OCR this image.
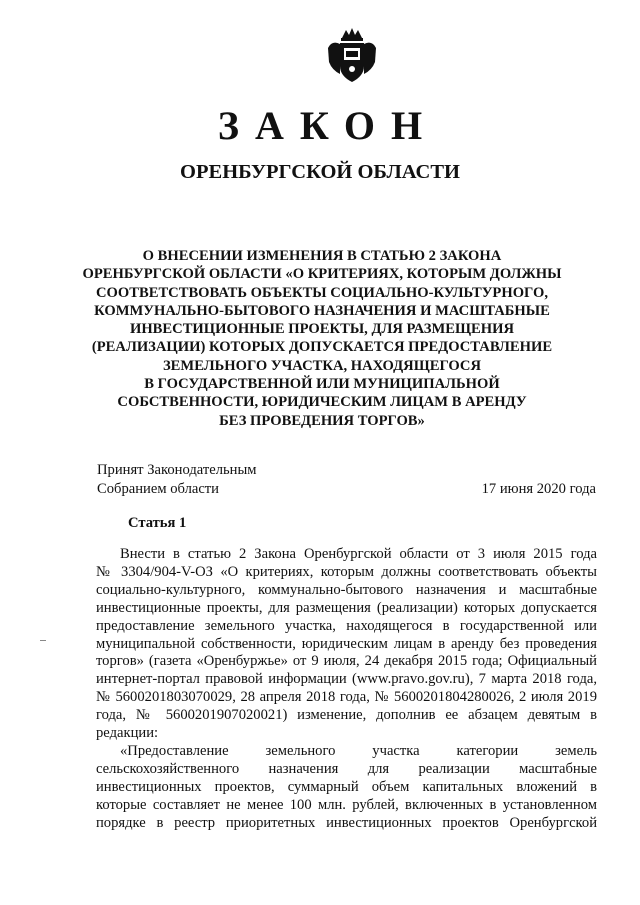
ЗАКОН
ОРЕНБУРГСКОЙ ОБЛАСТИ
О ВНЕСЕНИИ ИЗМЕНЕНИЯ В СТАТЬЮ 2 ЗАКОНА
ОРЕНБУРГСКОЙ ОБЛАСТИ «О КРИТЕРИЯХ, КОТОРЫМ ДОЛЖНЫ
СООТВЕТСТВОВАТЬ ОБЪЕКТЫ СОЦИАЛЬНО-КУЛЬТУРНОГО,
КОММУНАЛЬНО-БЫТОВОГО НАЗНАЧЕНИЯ И МАСШТАБНЫЕ
ИНВЕСТИЦИОННЫЕ ПРОЕКТЫ, ДЛЯ РАЗМЕЩЕНИЯ
(РЕАЛИЗАЦИИ) КОТОРЫХ ДОПУСКАЕТСЯ ПРЕДОСТАВЛЕНИЕ
ЗЕМЕЛЬНОГО УЧАСТКА, НАХОДЯЩЕГОСЯ
В ГОСУДАРСТВЕННОЙ ИЛИ МУНИЦИПАЛЬНОЙ
СОБСТВЕННОСТИ, ЮРИДИЧЕСКИМ ЛИЦАМ В АРЕНДУ
БЕЗ ПРОВЕДЕНИЯ ТОРГОВ»
Принят Законодательным
Собранием области	17 июня 2020 года
Статья 1
Внести в статью 2 Закона Оренбургской области от 3 июля 2015 года
№ 3304/904-V-ОЗ «О критериях, которым должны соответствовать объекты
социально-культурного, коммунально-бытового назначения и масштабные
инвестиционные проекты, для размещения (реализации) которых допускается
предоставление земельного участка, находящегося в государственной или
муниципальной собственности, юридическим лицам в аренду без проведения
торгов» (газета «Оренбуржье» от 9 июля, 24 декабря 2015 года; Официальный
интернет-портал правовой информации (www.pravo.gov.ru), 7 марта 2018 года,
№ 5600201803070029, 28 апреля 2018 года, № 5600201804280026, 2 июля 2019
года, № 5600201907020021) изменение, дополнив ее абзацем девятым в
редакции:
«Предоставление земельного участка категории земель
сельскохозяйственного назначения для реализации масштабные
инвестиционных проектов, суммарный объем капитальных вложений в
которые составляет не менее 100 млн. рублей, включенных в установленном
порядке в реестр приоритетных инвестиционных проектов Оренбургской
